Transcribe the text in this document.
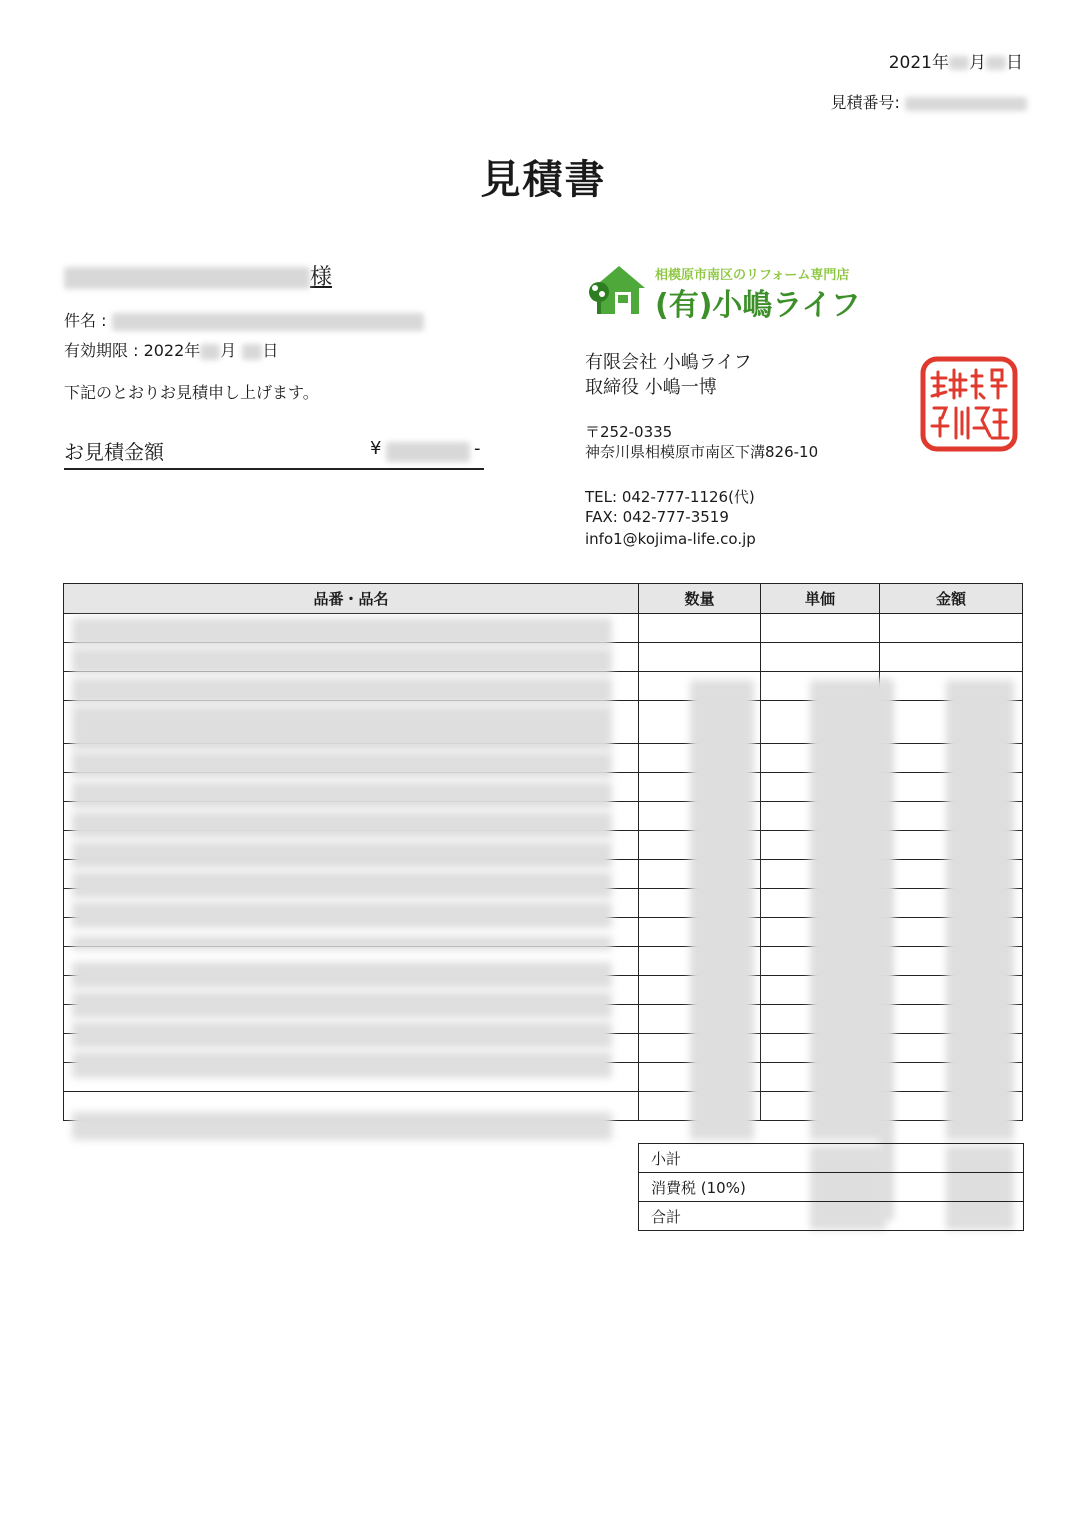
2021年 月 日
見積番号:
見積書
様
件名 :
有効期限 : 2022年 月 日
下記のとおりお見積申し上げます。
お見積金額	¥	-
相模原市南区のリフォーム専門店
(有)小嶋ライフ
有限会社 小嶋ライフ
取締役 小嶋一博
〒252-0335
神奈川県相模原市南区下溝826-10
TEL: 042-777-1126(代)
FAX: 042-777-3519
info1@kojima-life.co.jp
品番・品名	数量	単価	金額

小計	
消費税 (10%)	
合計	
